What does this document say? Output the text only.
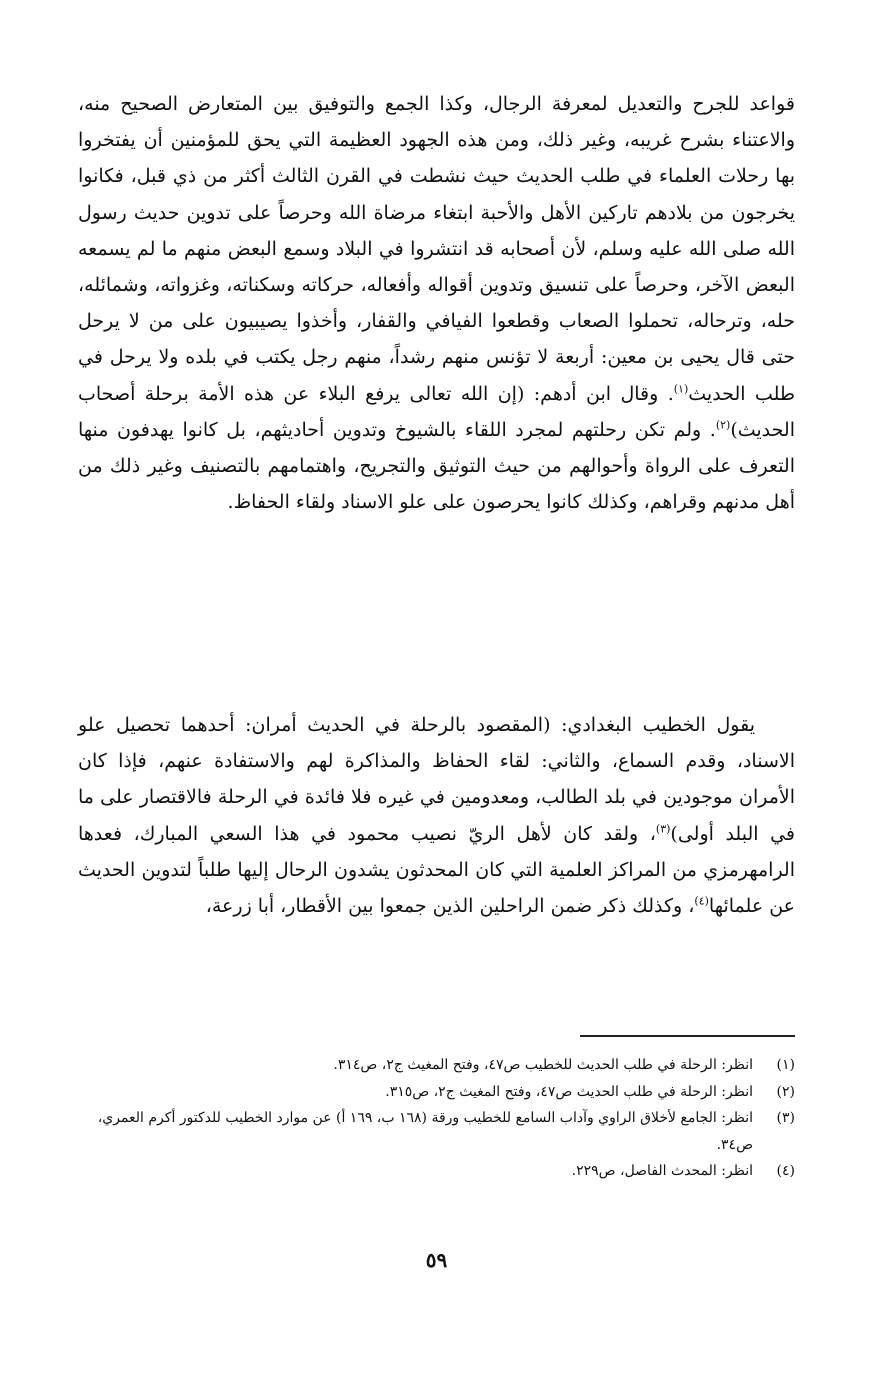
قواعد للجرح والتعديل لمعرفة الرجال، وكذا الجمع والتوفيق بين المتعارض الصحيح منه، والاعتناء بشرح غريبه، وغير ذلك، ومن هذه الجهود العظيمة التي يحق للمؤمنين أن يفتخروا بها رحلات العلماء في طلب الحديث حيث نشطت في القرن الثالث أكثر من ذي قبل، فكانوا يخرجون من بلادهم تاركين الأهل والأحبة ابتغاء مرضاة الله وحرصاً على تدوين حديث رسول الله صلى الله عليه وسلم، لأن أصحابه قد انتشروا في البلاد وسمع البعض منهم ما لم يسمعه البعض الآخر، وحرصاً على تنسيق وتدوين أقواله وأفعاله، حركاته وسكناته، وغزواته، وشمائله، حله، وترحاله، تحملوا الصعاب وقطعوا الفيافي والقفار، وأخذوا يصيبيون على من لا يرحل حتى قال يحيى بن معين: أربعة لا تؤنس منهم رشداً، منهم رجل يكتب في بلده ولا يرحل في طلب الحديث$^{(١)}$. وقال ابن أدهم: (إن الله تعالى يرفع البلاء عن هذه الأمة برحلة أصحاب الحديث)$^{(٢)}$. ولم تكن رحلتهم لمجرد اللقاء بالشيوخ وتدوين أحاديثهم، بل كانوا يهدفون منها التعرف على الرواة وأحوالهم من حيث التوثيق والتجريح، واهتمامهم بالتصنيف وغير ذلك من أهل مدنهم وقراهم، وكذلك كانوا يحرصون على علو الاسناد ولقاء الحفاظ.

يقول الخطيب البغدادي: (المقصود بالرحلة في الحديث أمران: أحدهما تحصيل علو الاسناد، وقدم السماع، والثاني: لقاء الحفاظ والمذاكرة لهم والاستفادة عنهم، فإذا كان الأمران موجودين في بلد الطالب، ومعدومين في غيره فلا فائدة في الرحلة فالاقتصار على ما في البلد أولى)$^{(٣)}$، ولقد كان لأهل الريّ نصيب محمود في هذا السعي المبارك، فعدها الرامهرمزي من المراكز العلمية التي كان المحدثون يشدون الرحال إليها طلباً لتدوين الحديث عن علمائها$^{(٤)}$، وكذلك ذكر ضمن الراحلين الذين جمعوا بين الأقطار، أبا زرعة،

(١)
انظر: الرحلة في طلب الحديث للخطيب ص٤٧، وفتح المغيث ج٢، ص٣١٤.
(٢)
انظر: الرحلة في طلب الحديث ص٤٧، وفتح المغيث ج٢، ص٣١٥.
(٣)
انظر: الجامع لأخلاق الراوي وآداب السامع للخطيب ورقة (١٦٨ ب، ١٦٩ أ) عن موارد الخطيب للدكتور أكرم العمري، ص٣٤.
(٤)
انظر: المحدث الفاصل، ص٢٢٩.
٥٩
